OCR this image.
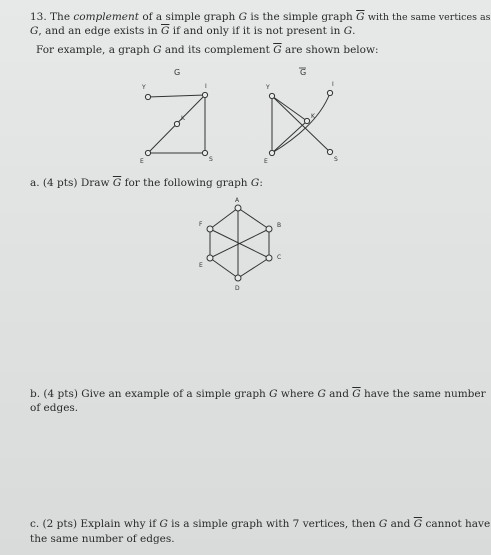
13. The complement of a simple graph G is the simple graph $\overline{G}$ with the same vertices as
G, and an edge exists in $\overline{G}$ if and only if it is not present in G.
For example, a graph G and its complement $\overline{G}$ are shown below:
G
Y	I
K
E	S
G
Y	I
K
E	S
a. (4 pts) Draw $\overline{G}$ for the following graph G:
A
B
C
D
E
F
b. (4 pts) Give an example of a simple graph G where G and $\overline{G}$ have the same number
of edges.
c. (2 pts) Explain why if G is a simple graph with 7 vertices, then G and $\overline{G}$ cannot have
the same number of edges.
